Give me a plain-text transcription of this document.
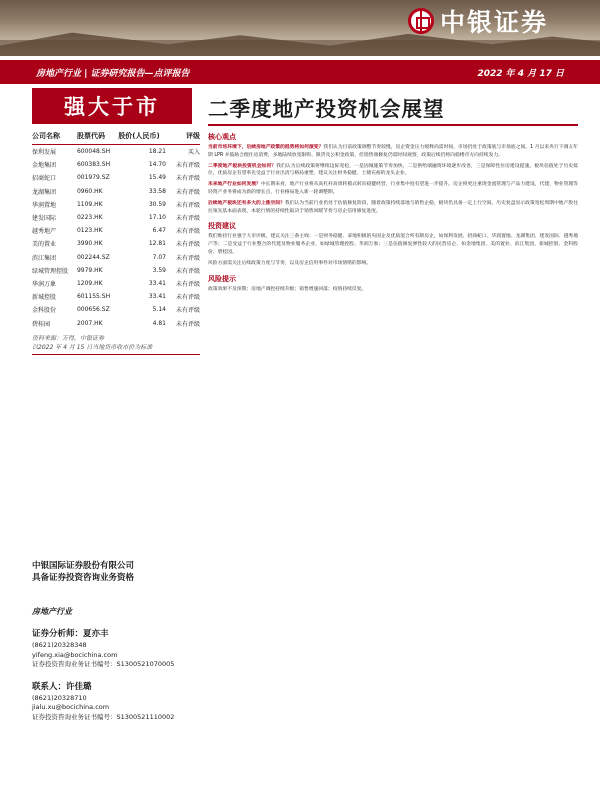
中银证券
房地产行业 | 证券研究报告—点评报告	2022 年 4 月 17 日
强大于市
公司名称	股票代码	股价(人民币)	评级
保利发展	600048.SH	18.21	买入
金地集团	600383.SH	14.70	未有评级
招商蛇口	001979.SZ	15.49	未有评级
龙湖集团	0960.HK	33.58	未有评级
华润置地	1109.HK	30.59	未有评级
建发国际	0223.HK	17.10	未有评级
越秀地产	0123.HK	6.47	未有评级
美的置业	3990.HK	12.81	未有评级
滨江集团	002244.SZ	7.07	未有评级
绿城管理控股	9979.HK	3.59	未有评级
华润万象	1209.HK	33.41	未有评级
新城控股	601155.SH	33.41	未有评级
金科股份	000656.SZ	5.14	未有评级
碧桂园	2007.HK	4.81	未有评级
资料来源：万得，中银证券
以2022 年 4 月 15 日当地货币收市价为标准
中银国际证券股份有限公司
具备证券投资咨询业务资格
房地产行业
证券分析师：夏亦丰
(8621)20328348
yifeng.xia@bocichina.com
证券投资咨询业务证书编号：S1300521070005
联系人：许佳璐
(8621)20328710
jialu.xu@bocichina.com
证券投资咨询业务证书编号：S1300521110002
二季度地产投资机会展望
核心观点
当前市场环境下，后续房地产政策的趋势将如何演变？我们认为目前政策调整节奏较慢，房企资金压力缓释尚需时间，市场仍处于政策底与市场底之间。1 月以来央行下调五年期 LPR 并鼓励合理住房消费，多地陆续放宽限购、限贷及公积金政策，但销售端修复仍需时间观察，政策后续仍将向稳楼市方向持续发力。
二季度地产板块投资机会如何？我们认为后续政策将继续边际宽松，一是因城施策节奏加快，二是供给端融资环境逐步改善，三是保障性住房建设提速。板块估值处于历史低位，优质房企有望率先受益于行业出清与格局重塑，建议关注财务稳健、土储充裕的龙头企业。
未来地产行业如何发展？中长期来看，地产行业将从高杠杆高周转模式转向稳健经营，行业集中度有望进一步提升。房企将更注重现金流管理与产品力建设，代建、物业管理等轻资产业务将成为新的增长点，行业格局进入新一轮调整期。
后续地产板块还有多大的上涨空间？我们认为当前行业仍处于估值修复阶段，随着政策持续落地与销售企稳，板块仍具备一定上行空间。历史复盘显示政策宽松周期中地产股往往领先基本面表现，本轮行情的持续性取决于销售回暖节奏与房企信用修复进度。
投资建议
我们维持行业强于大市评级，建议关注三条主线：一是财务稳健、拿地积极的央国企及优质混合所有制房企，如保利发展、招商蛇口、华润置地、龙湖集团、建发国际、越秀地产等；二是受益于行业整合的代建及物业服务企业，如绿城管理控股、华润万象；三是估值修复弹性较大的民营房企，如金地集团、美的置业、滨江集团、新城控股、金科股份、碧桂园。
风险方面需关注后续政策力度与节奏，以及房企信用事件对市场情绪的影响。
风险提示
政策效果不及预期；房地产调控持续升级；销售增速回落；疫情持续反复。
